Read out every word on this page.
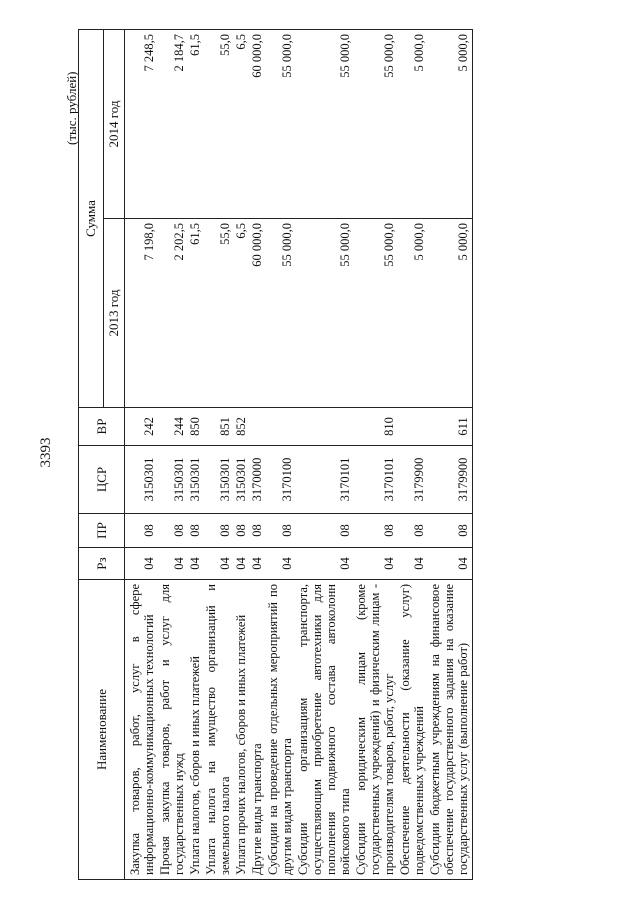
3393
(тыс. рублей)
Наименование	Рз	ПР	ЦСР	ВР	Сумма	
					2013 год	2014 год
Закупка товаров, работ, услуг в сфере информационно-коммуникационных технологий	04	08	3150301	242	7 198,0	7 248,5
Прочая закупка товаров, работ и услуг для государственных нужд	04	08	3150301	244	2 202,5	2 184,7
Уплата налогов, сборов и иных платежей	04	08	3150301	850	61,5	61,5
Уплата налога на имущество организаций и земельного налога	04	08	3150301	851	55,0	55,0
Уплата прочих налогов, сборов и иных платежей	04	08	3150301	852	6,5	6,5
Другие виды транспорта	04	08	3170000		60 000,0	60 000,0
Субсидии на проведение отдельных мероприятий по другим видам транспорта	04	08	3170100		55 000,0	55 000,0
Субсидии организациям транспорта, осуществляющим приобретение автотехники для пополнения подвижного состава автоколонн войскового типа	04	08	3170101		55 000,0	55 000,0
Субсидии юридическим лицам (кроме государственных учреждений) и физическим лицам - производителям товаров, работ, услуг	04	08	3170101	810	55 000,0	55 000,0
Обеспечение деятельности (оказание услуг) подведомственных учреждений	04	08	3179900		5 000,0	5 000,0
Субсидии бюджетным учреждениям на финансовое обеспечение государственного задания на оказание государственных услуг (выполнение работ)	04	08	3179900	611	5 000,0	5 000,0
